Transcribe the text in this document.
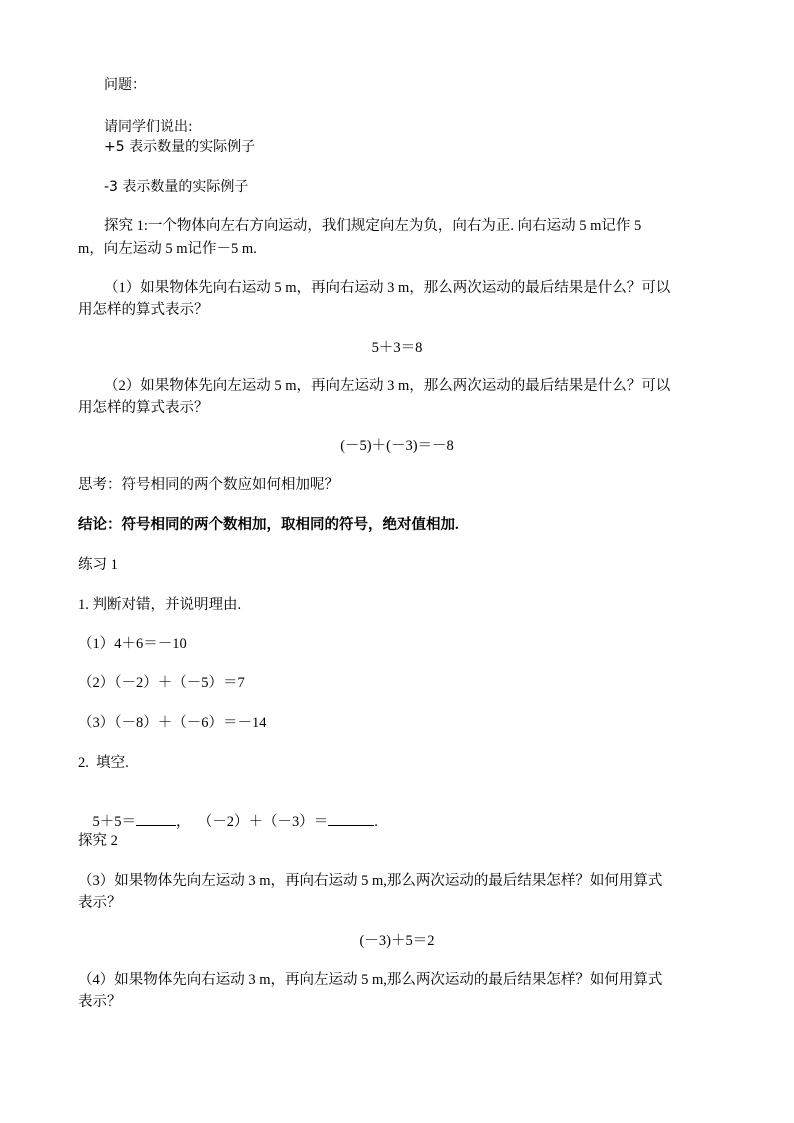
问题：
请同学们说出:
+5 表示数量的实际例子
-3 表示数量的实际例子
探究 1:一个物体向左右方向运动，我们规定向左为负，向右为正. 向右运动 5 m记作 5
m，向左运动 5 m记作－5 m.
（1）如果物体先向右运动 5 m，再向右运动 3 m，那么两次运动的最后结果是什么？可以
用怎样的算式表示？
5＋3＝8
（2）如果物体先向左运动 5 m，再向左运动 3 m，那么两次运动的最后结果是什么？可以
用怎样的算式表示？
(－5)＋(－3)＝－8
思考：符号相同的两个数应如何相加呢？
结论：符号相同的两个数相加，取相同的符号，绝对值相加.
练习 1
1. 判断对错，并说明理由.
（1）4＋6＝－10
（2）（－2）＋（－5）＝7
（3）（－8）＋（－6）＝－14
2.  填空.

5＋5＝	，  （－2）＋（－3）＝	.

探究 2
（3）如果物体先向左运动 3 m，再向右运动 5 m,那么两次运动的最后结果怎样？如何用算式
表示？
(－3)＋5＝2
（4）如果物体先向右运动 3 m，再向左运动 5 m,那么两次运动的最后结果怎样？如何用算式
表示？
